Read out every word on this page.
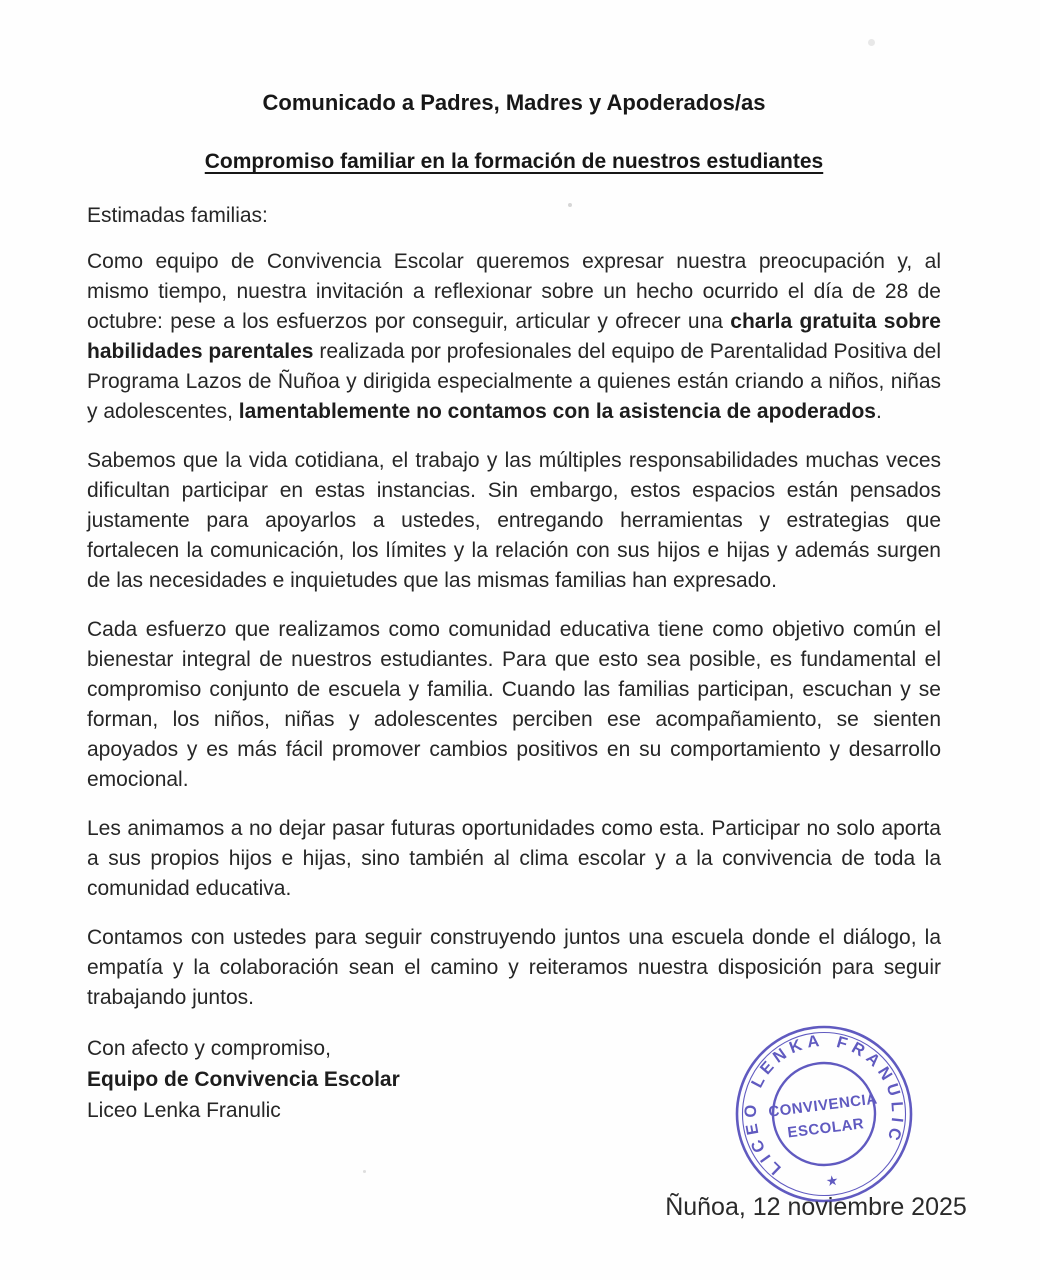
Comunicado a Padres, Madres y Apoderados/as
Compromiso familiar en la formación de nuestros estudiantes

Estimadas familias:

Como equipo de Convivencia Escolar queremos expresar nuestra preocupación y, al mismo tiempo, nuestra invitación a reflexionar sobre un hecho ocurrido el día de 28 de octubre: pese a los esfuerzos por conseguir, articular y ofrecer una charla gratuita sobre habilidades parentales realizada por profesionales del equipo de Parentalidad Positiva del Programa Lazos de Ñuñoa y dirigida especialmente a quienes están criando a niños, niñas y adolescentes, lamentablemente no contamos con la asistencia de apoderados.

Sabemos que la vida cotidiana, el trabajo y las múltiples responsabilidades muchas veces dificultan participar en estas instancias. Sin embargo, estos espacios están pensados justamente para apoyarlos a ustedes, entregando herramientas y estrategias que fortalecen la comunicación, los límites y la relación con sus hijos e hijas y además surgen de las necesidades e inquietudes que las mismas familias han expresado.

Cada esfuerzo que realizamos como comunidad educativa tiene como objetivo común el bienestar integral de nuestros estudiantes. Para que esto sea posible, es fundamental el compromiso conjunto de escuela y familia. Cuando las familias participan, escuchan y se forman, los niños, niñas y adolescentes perciben ese acompañamiento, se sienten apoyados y es más fácil promover cambios positivos en su comportamiento y desarrollo emocional.

Les animamos a no dejar pasar futuras oportunidades como esta. Participar no solo aporta a sus propios hijos e hijas, sino también al clima escolar y a la convivencia de toda la comunidad educativa.

Contamos con ustedes para seguir construyendo juntos una escuela donde el diálogo, la empatía y la colaboración sean el camino y reiteramos nuestra disposición para seguir trabajando juntos.

Con afecto y compromiso,
Equipo de Convivencia Escolar
Liceo Lenka Franulic
LICEO LENKA FRANULIC
CONVIVENCIA
ESCOLAR
★
Ñuñoa, 12 noviembre 2025
